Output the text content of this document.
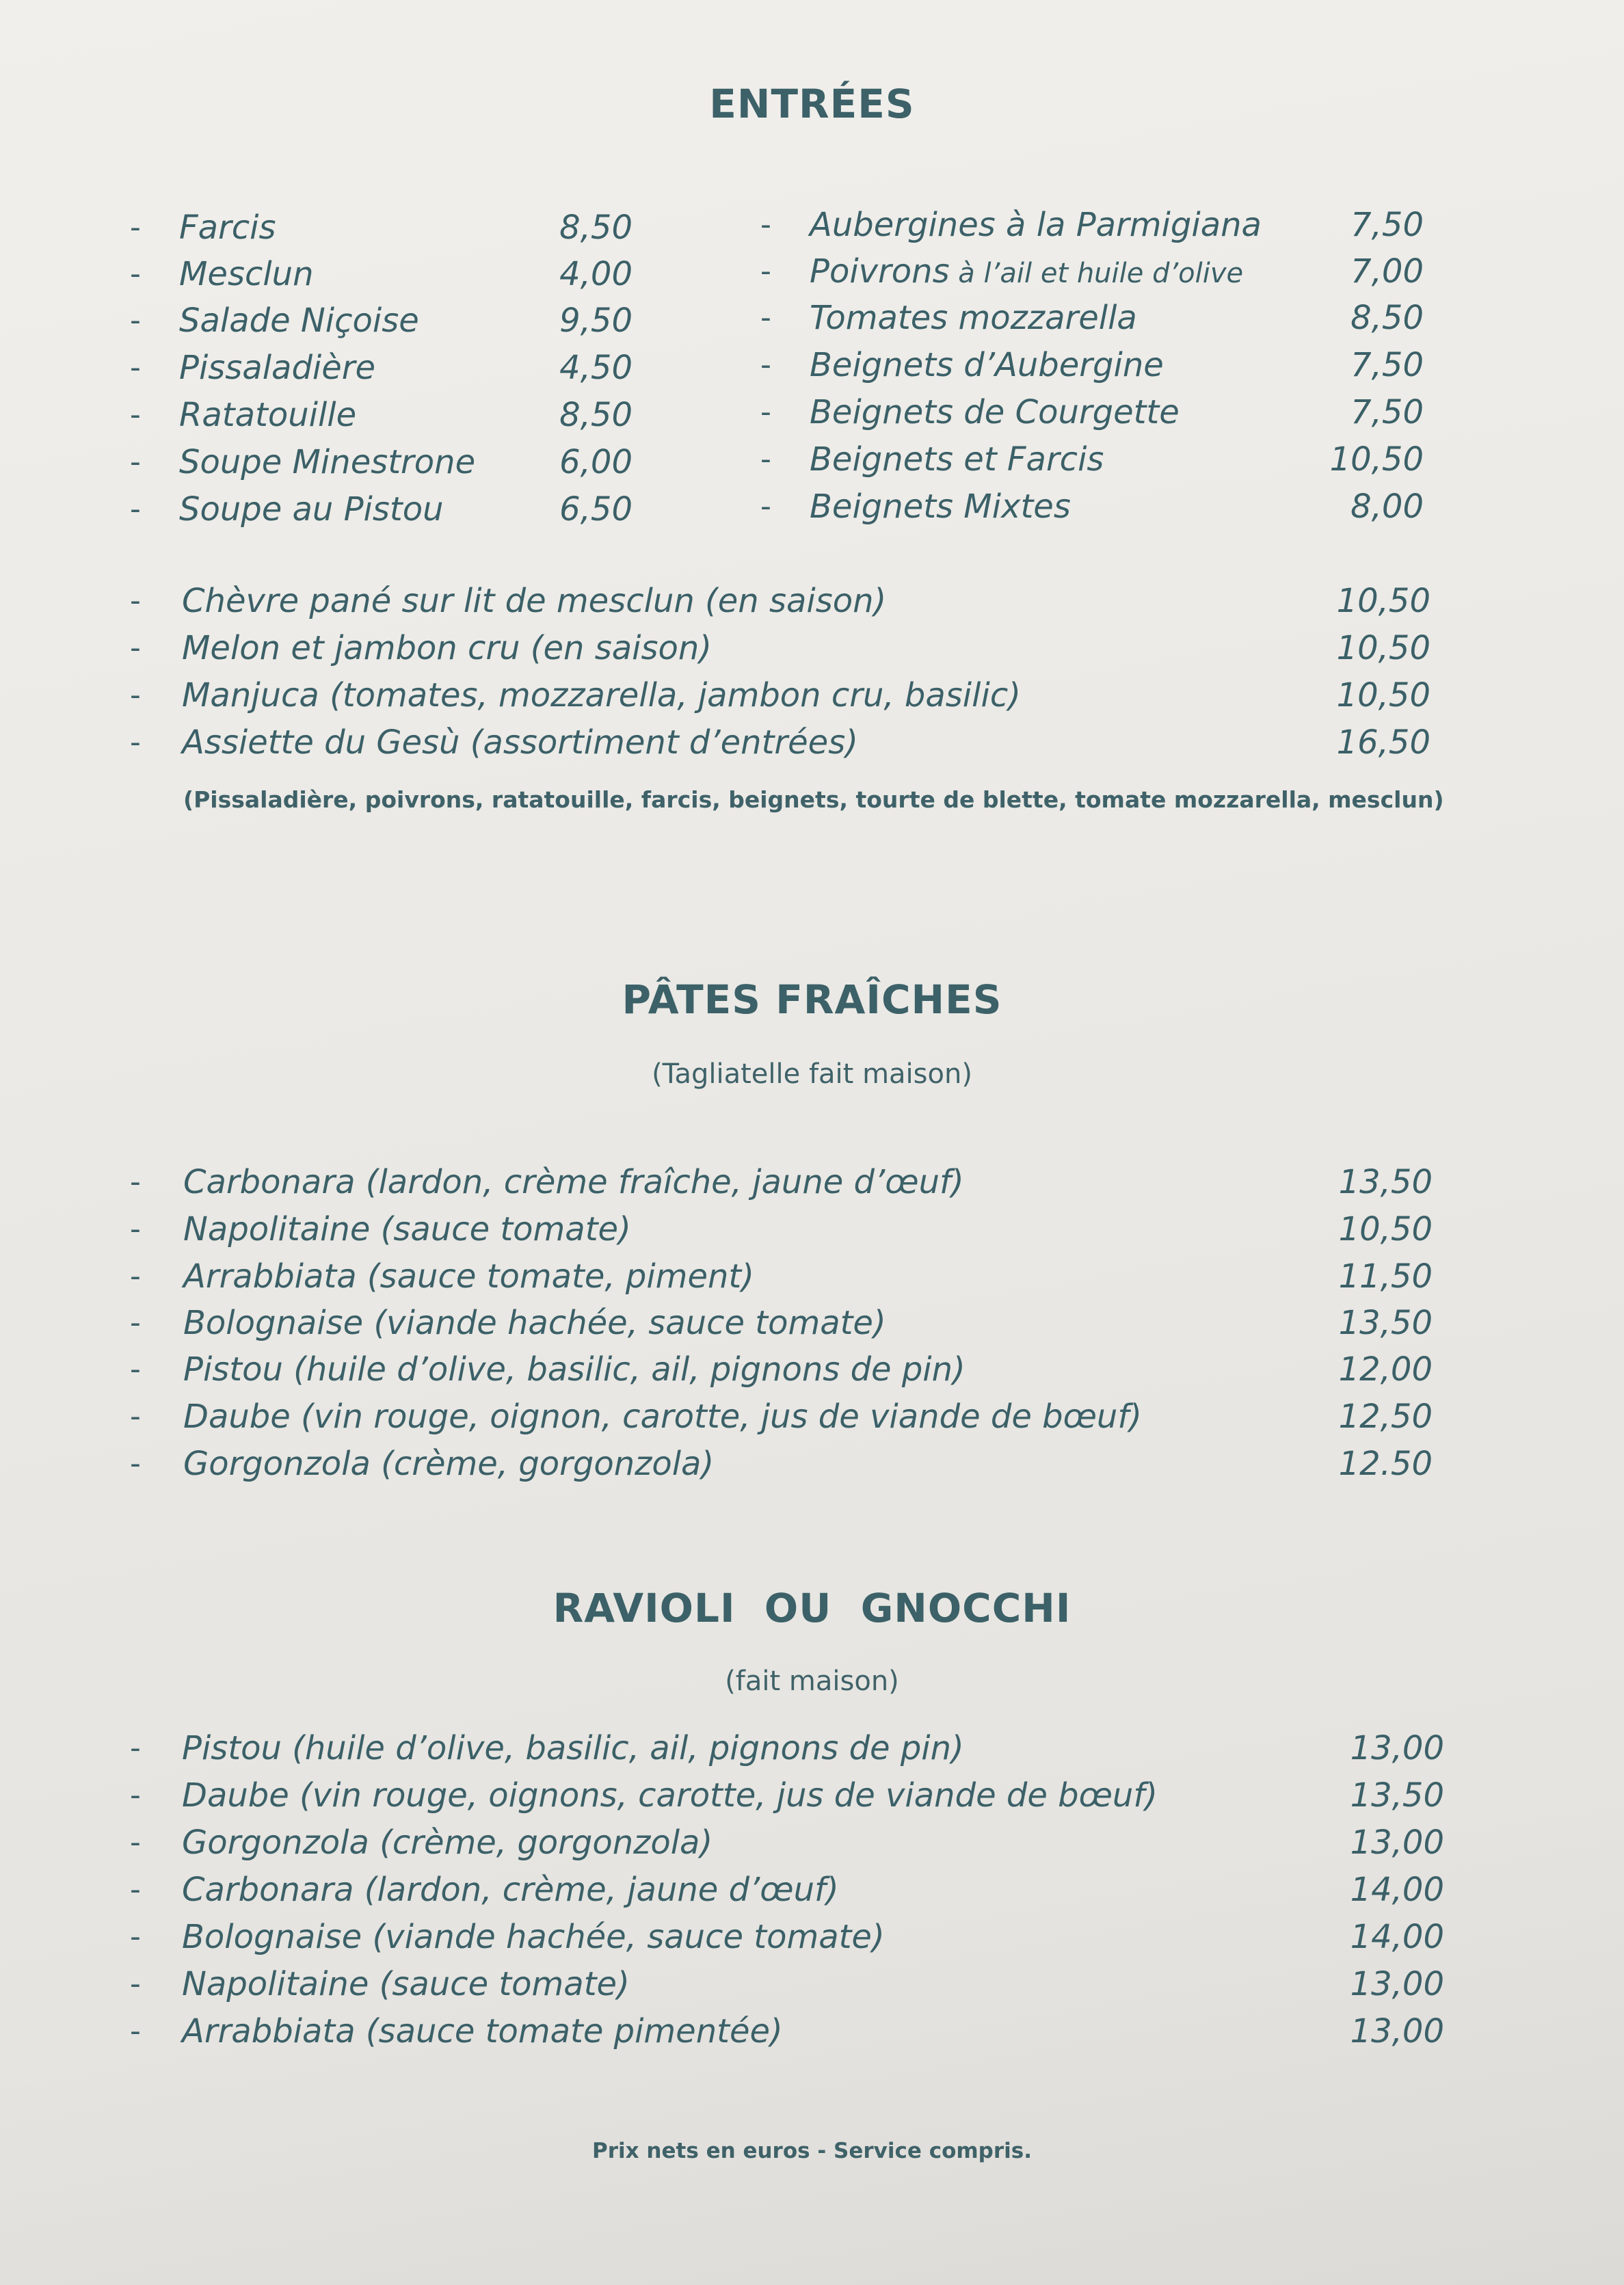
ENTRÉES
- Farcis	8,50
- Mesclun	4,00
- Salade Niçoise	9,50
- Pissaladière	4,50
- Ratatouille	8,50
- Soupe Minestrone	6,00
- Soupe au Pistou	6,50
- Aubergines à la Parmigiana	7,50
- Poivrons à l’ail et huile d’olive	7,00
- Tomates mozzarella	8,50
- Beignets d’Aubergine	7,50
- Beignets de Courgette	7,50
- Beignets et Farcis	10,50
- Beignets Mixtes	8,00
- Chèvre pané sur lit de mesclun (en saison)	10,50
- Melon et jambon cru (en saison)	10,50
- Manjuca (tomates, mozzarella, jambon cru, basilic)	10,50
- Assiette du Gesù (assortiment d’entrées)	16,50
(Pissaladière, poivrons, ratatouille, farcis, beignets, tourte de blette, tomate mozzarella, mesclun)
PÂTES FRAÎCHES
(Tagliatelle fait maison)
- Carbonara (lardon, crème fraîche, jaune d’œuf)	13,50
- Napolitaine (sauce tomate)	10,50
- Arrabbiata (sauce tomate, piment)	11,50
- Bolognaise (viande hachée, sauce tomate)	13,50
- Pistou (huile d’olive, basilic, ail, pignons de pin)	12,00
- Daube (vin rouge, oignon, carotte, jus de viande de bœuf)	12,50
- Gorgonzola (crème, gorgonzola)	12.50
RAVIOLI  OU  GNOCCHI
(fait maison)
- Pistou (huile d’olive, basilic, ail, pignons de pin)	13,00
- Daube (vin rouge, oignons, carotte, jus de viande de bœuf)	13,50
- Gorgonzola (crème, gorgonzola)	13,00
- Carbonara (lardon, crème, jaune d’œuf)	14,00
- Bolognaise (viande hachée, sauce tomate)	14,00
- Napolitaine (sauce tomate)	13,00
- Arrabbiata (sauce tomate pimentée)	13,00
Prix nets en euros - Service compris.
